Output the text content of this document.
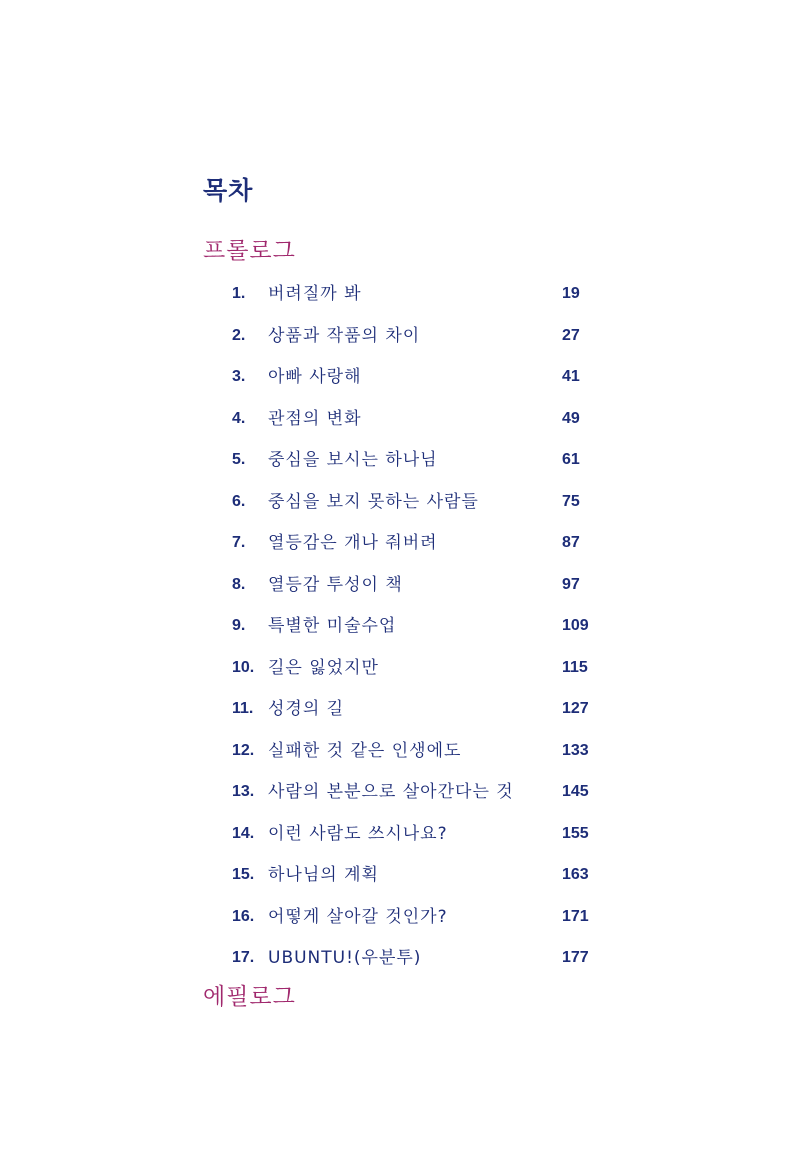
목차
프롤로그
1. 버려질까 봐	19
2. 상품과 작품의 차이	27
3. 아빠 사랑해	41
4. 관점의 변화	49
5. 중심을 보시는 하나님	61
6. 중심을 보지 못하는 사람들	75
7. 열등감은 개나 줘버려	87
8. 열등감 투성이 책	97
9. 특별한 미술수업	109
10. 길은 잃었지만	115
11. 성경의 길	127
12. 실패한 것 같은 인생에도	133
13. 사람의 본분으로 살아간다는 것	145
14. 이런 사람도 쓰시나요?	155
15. 하나님의 계획	163
16. 어떻게 살아갈 것인가?	171
17. UBUNTU!(우분투)	177
에필로그
